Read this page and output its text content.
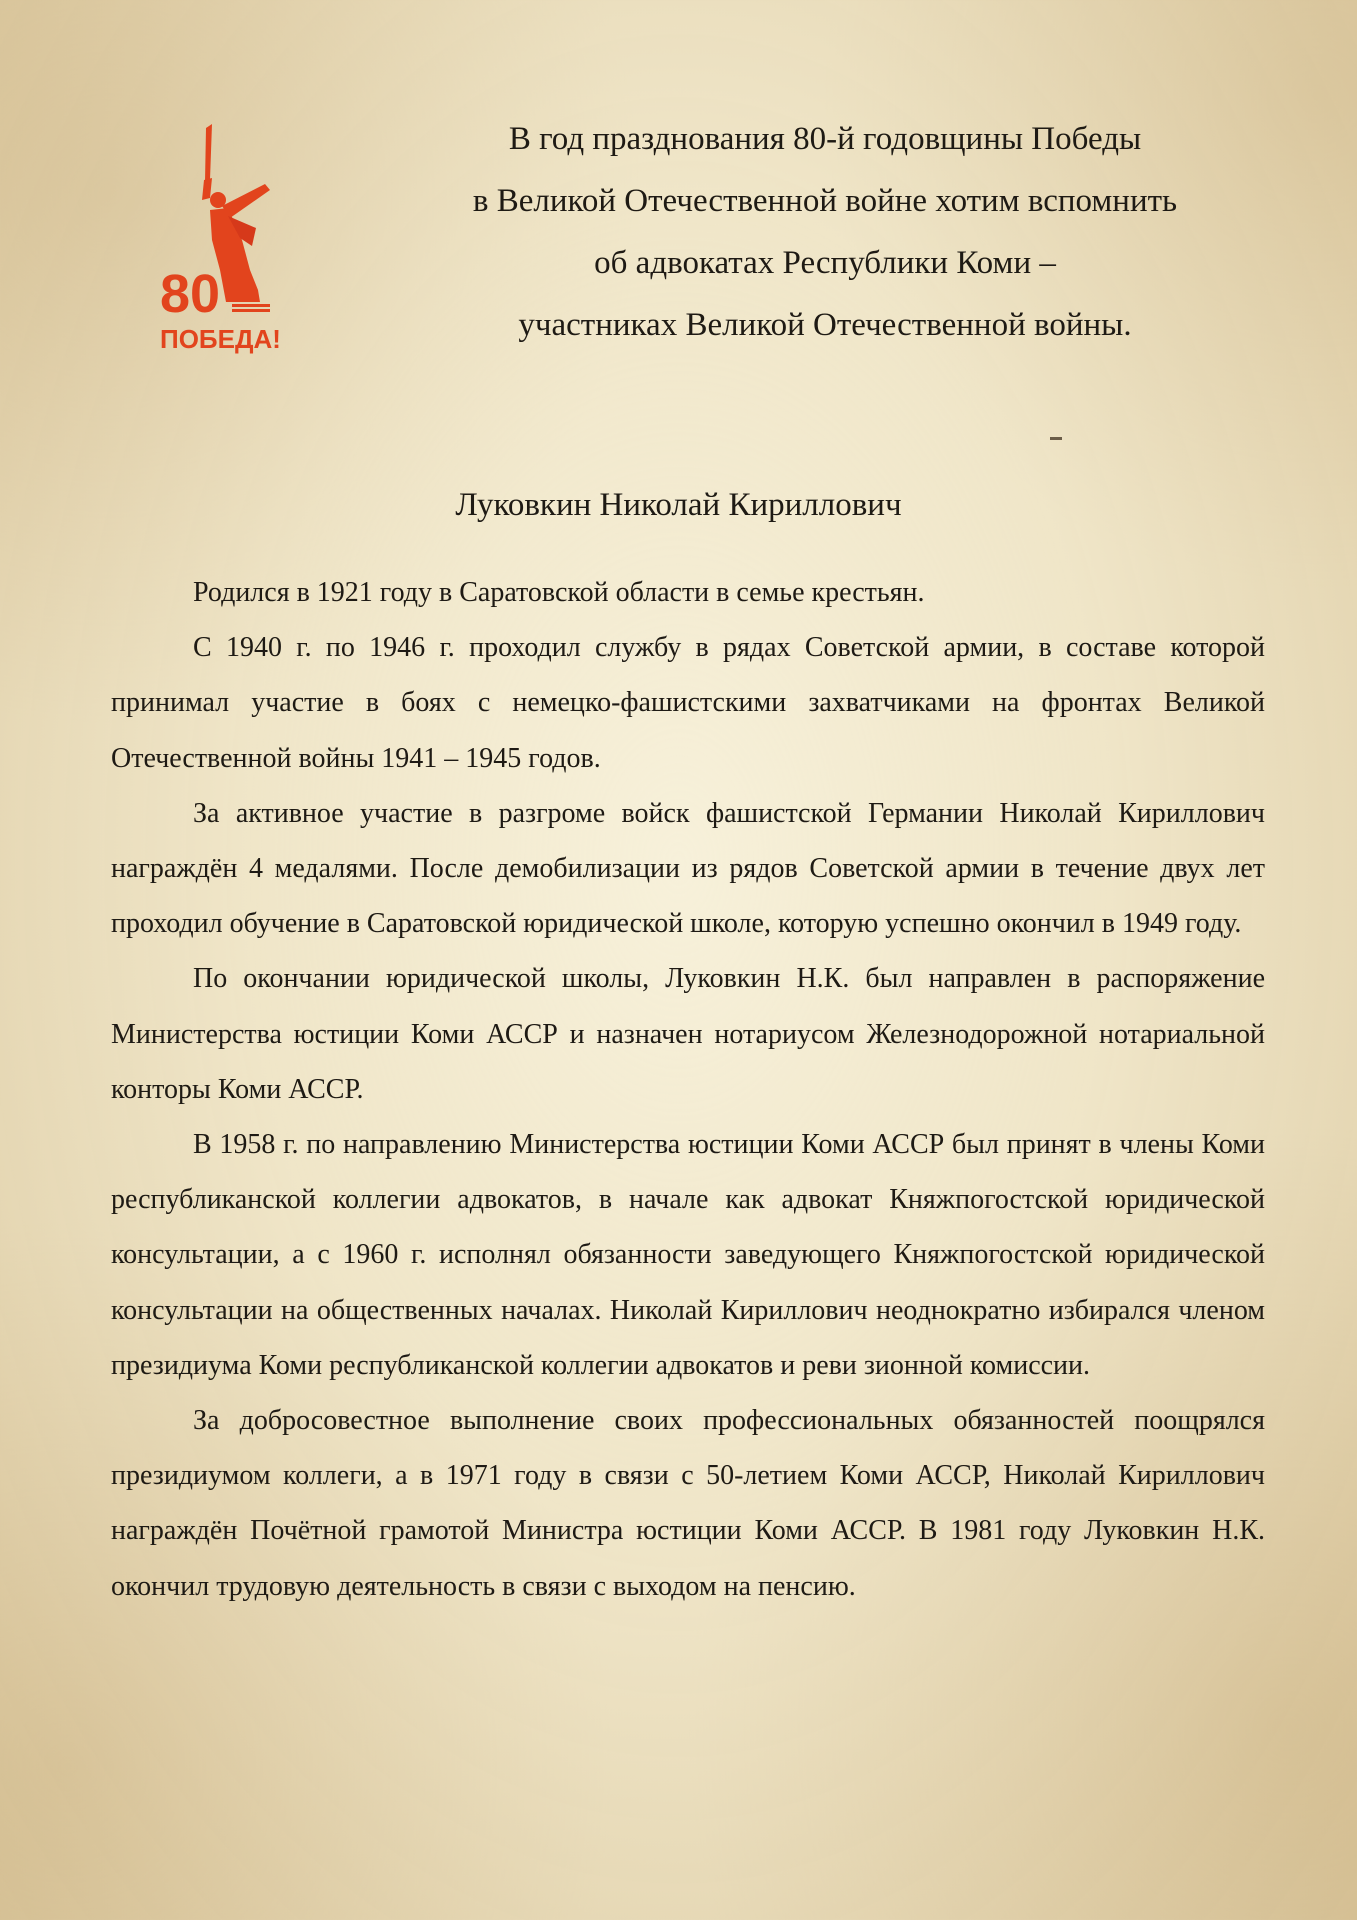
80
ПОБЕДА!
В год празднования 80-й годовщины Победы
в Великой Отечественной войне хотим вспомнить
об адвокатах Республики Коми –
участниках Великой Отечественной войны.
Луковкин Николай Кириллович

Родился в 1921 году в Саратовской области в семье крестьян.

С 1940 г. по 1946 г. проходил службу в рядах Советской армии, в составе которой принимал участие в боях с немецко-фашистскими захватчиками на фронтах Великой Отечественной войны 1941 – 1945 годов.

За активное участие в разгроме войск фашистской Германии Николай Кириллович награждён 4 медалями. После демобилизации из рядов Советской армии в течение двух лет проходил обучение в Саратовской юридической школе, которую успешно окончил в 1949 году.

По окончании юридической школы, Луковкин Н.К. был направлен в распоряжение Министерства юстиции Коми АССР и назначен нотариусом Железнодорожной нотариальной конторы Коми АССР.

В 1958 г. по направлению Министерства юстиции Коми АССР был принят в члены Коми республиканской коллегии адвокатов, в начале как адвокат Княжпогостской юридической консультации, а с 1960 г. исполнял обязанности заведующего Княжпогостской юридической консультации на общественных началах. Николай Кириллович неоднократно избирался членом президиума Коми республиканской коллегии адвокатов и реви зионной комиссии.

За добросовестное выполнение своих профессиональных обязанностей поощрялся президиумом коллеги, а в 1971 году в связи с 50-летием Коми АССР, Николай Кириллович награждён Почётной грамотой Министра юстиции Коми АССР. В 1981 году Луковкин Н.К. окончил трудовую деятельность в связи с выходом на пенсию.
